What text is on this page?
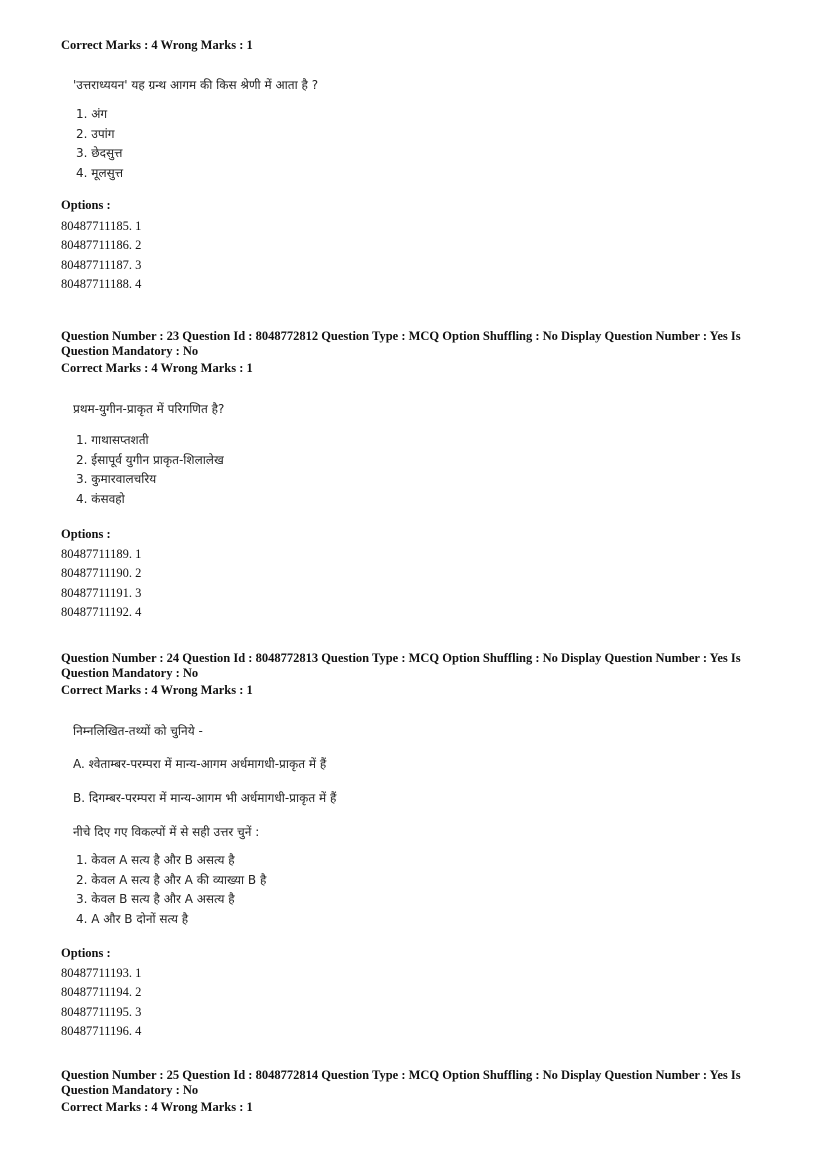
Correct Marks : 4 Wrong Marks : 1

'उत्तराध्ययन' यह ग्रन्थ आगम की किस श्रेणी में आता है ?

1. अंग
2. उपांग
3. छेदसुत्त
4. मूलसुत्त

Options :

80487711185. 1
80487711186. 2
80487711187. 3
80487711188. 4

Question Number : 23 Question Id : 8048772812 Question Type : MCQ Option Shuffling : No Display Question Number : Yes Is

Question Mandatory : No

Correct Marks : 4 Wrong Marks : 1

प्रथम-युगीन-प्राकृत में परिगणित है?

1. गाथासप्तशती
2. ईसापूर्व युगीन प्राकृत-शिलालेख
3. कुमारवालचरिय
4. कंसवहो

Options :

80487711189. 1
80487711190. 2
80487711191. 3
80487711192. 4

Question Number : 24 Question Id : 8048772813 Question Type : MCQ Option Shuffling : No Display Question Number : Yes Is

Question Mandatory : No

Correct Marks : 4 Wrong Marks : 1

निम्नलिखित-तथ्यों को चुनिये -

A. श्वेताम्बर-परम्परा में मान्य-आगम अर्धमागधी-प्राकृत में हैं

B. दिगम्बर-परम्परा में मान्य-आगम भी अर्धमागधी-प्राकृत में हैं

नीचे दिए गए विकल्पों में से सही उत्तर चुनें :

1. केवल A सत्य है और B असत्य है
2. केवल A सत्य है और A की व्याख्या B है
3. केवल B सत्य है और A असत्य है
4. A और B दोनों सत्य है

Options :

80487711193. 1
80487711194. 2
80487711195. 3
80487711196. 4

Question Number : 25 Question Id : 8048772814 Question Type : MCQ Option Shuffling : No Display Question Number : Yes Is

Question Mandatory : No

Correct Marks : 4 Wrong Marks : 1
